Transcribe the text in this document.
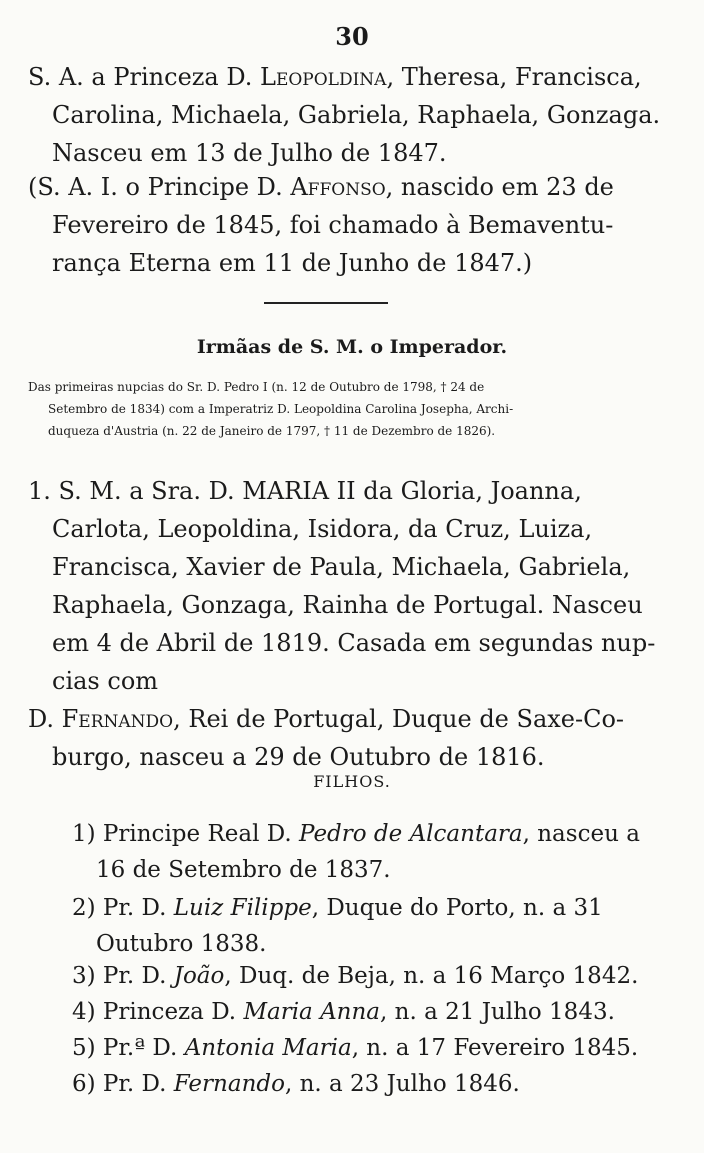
30
S. A. a Princeza D. Leopoldina, Theresa, Francisca,
Carolina, Michaela, Gabriela, Raphaela, Gonzaga.
Nasceu em 13 de Julho de 1847.
(S. A. I. o Principe D. Affonso, nascido em 23 de
Fevereiro de 1845, foi chamado à Bemaventu-
rança Eterna em 11 de Junho de 1847.)
Irmãas de S. M. o Imperador.
Das primeiras nupcias do Sr. D. Pedro I (n. 12 de Outubro de 1798, † 24 de
Setembro de 1834) com a Imperatriz D. Leopoldina Carolina Josepha, Archi-
duqueza d'Austria (n. 22 de Janeiro de 1797, † 11 de Dezembro de 1826).
1. S. M. a Sra. D. MARIA II da Gloria, Joanna,
Carlota, Leopoldina, Isidora, da Cruz, Luiza,
Francisca, Xavier de Paula, Michaela, Gabriela,
Raphaela, Gonzaga, Rainha de Portugal. Nasceu
em 4 de Abril de 1819. Casada em segundas nup-
cias com
D. Fernando, Rei de Portugal, Duque de Saxe-Co-
burgo, nasceu a 29 de Outubro de 1816.
FILHOS.
1) Principe Real D. Pedro de Alcantara, nasceu a
16 de Setembro de 1837.
2) Pr. D. Luiz Filippe, Duque do Porto, n. a 31
Outubro 1838.
3) Pr. D. João, Duq. de Beja, n. a 16 Março 1842.
4) Princeza D. Maria Anna, n. a 21 Julho 1843.
5) Pr.ª D. Antonia Maria, n. a 17 Fevereiro 1845.
6) Pr. D. Fernando, n. a 23 Julho 1846.
